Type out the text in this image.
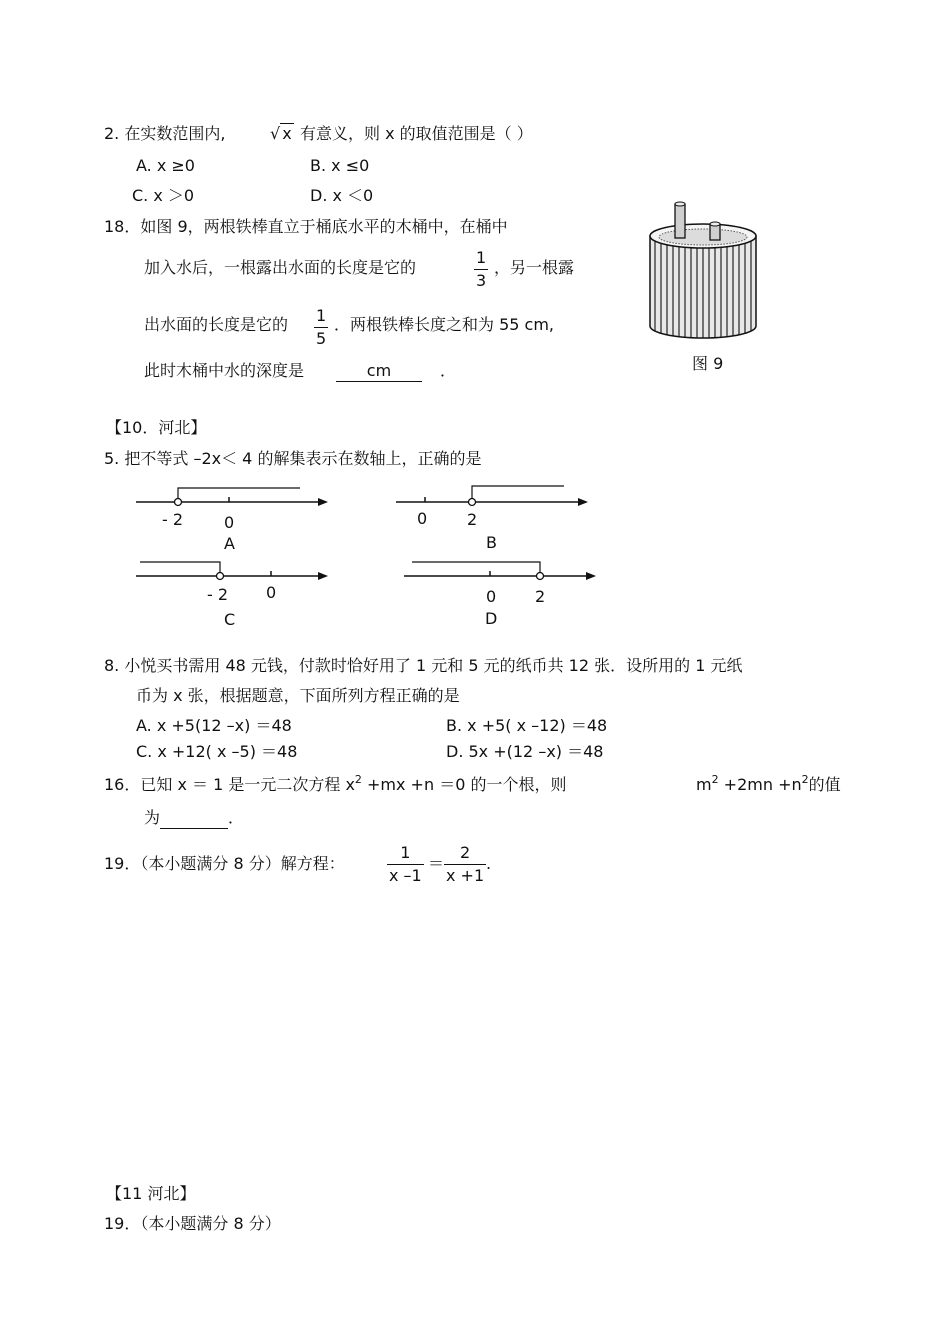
2. 在实数范围内,	√ x 有意义，则 x 的取值范围是（ ）
A. x ≥0	B. x ≤0
C. x ＞0	D. x ＜0
18．如图 9，两根铁棒直立于桶底水平的木桶中，在桶中
加入水后，一根露出水面的长度是它的
1
3
，另一根露
出水面的长度是它的 1
5
．两根铁棒长度之和为 55 cm,
此时木桶中水的深度是	cm	．	图 9
【10．河北】
5. 把不等式 –2x＜ 4 的解集表示在数轴上，正确的是
- 2	0
A
0 2
B
- 2 0
C
0 2
D
8. 小悦买书需用 48 元钱，付款时恰好用了 1 元和 5 元的纸币共 12 张．设所用的 1 元纸
币为 x 张，根据题意，下面所列方程正确的是
A. x +5(12 –x) ＝48	B. x +5( x –12) ＝48
C. x +12( x –5) ＝48	D. 5x +(12 –x) ＝48
16．已知 x ＝ 1 是一元二次方程 $x^2 +mx +n =0$ 的一个根，则	$m^2 +2mn +n^2$的值
为	．
19．（本小题满分 8 分）解方程：
1
x –1
＝
2
x +1
.
【11 河北】
19．（本小题满分 8 分）
